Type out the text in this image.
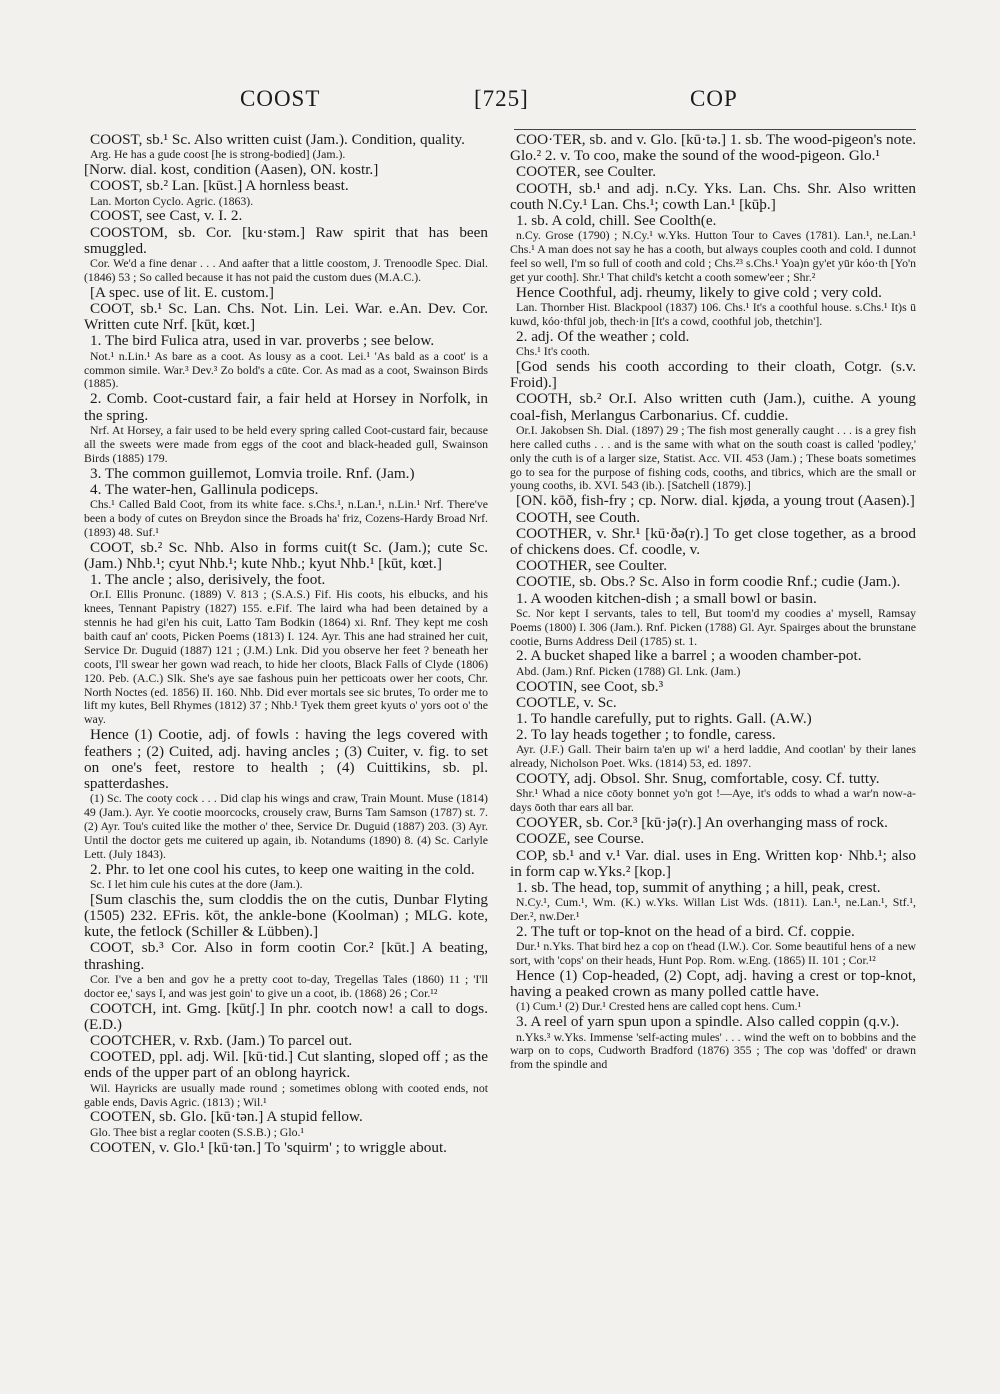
COOST	[725]	COP

COOST, sb.¹ Sc. Also written cuist (Jam.). Condition, quality.

Arg. He has a gude coost [he is strong-bodied] (Jam.).

[Norw. dial. kost, condition (Aasen), ON. kostr.]

COOST, sb.² Lan. [kūst.] A hornless beast.

Lan. Morton Cyclo. Agric. (1863).

COOST, see Cast, v. I. 2.

COOSTOM, sb. Cor. [ku·stəm.] Raw spirit that has been smuggled.

Cor. We'd a fine denar . . . And aafter that a little coostom, J. Trenoodle Spec. Dial. (1846) 53 ; So called because it has not paid the custom dues (M.A.C.).

[A spec. use of lit. E. custom.]

COOT, sb.¹ Sc. Lan. Chs. Not. Lin. Lei. War. e.An. Dev. Cor. Written cute Nrf. [kūt, kœt.]

1. The bird Fulica atra, used in var. proverbs ; see below.

Not.¹ n.Lin.¹ As bare as a coot. As lousy as a coot. Lei.¹ 'As bald as a coot' is a common simile. War.³ Dev.³ Zo bold's a cūte. Cor. As mad as a coot, Swainson Birds (1885).

2. Comb. Coot-custard fair, a fair held at Horsey in Norfolk, in the spring.

Nrf. At Horsey, a fair used to be held every spring called Coot-custard fair, because all the sweets were made from eggs of the coot and black-headed gull, Swainson Birds (1885) 179.

3. The common guillemot, Lomvia troile. Rnf. (Jam.)

4. The water-hen, Gallinula podiceps.

Chs.¹ Called Bald Coot, from its white face. s.Chs.¹, n.Lan.¹, n.Lin.¹ Nrf. There've been a body of cutes on Breydon since the Broads ha' friz, Cozens-Hardy Broad Nrf. (1893) 48. Suf.¹

COOT, sb.² Sc. Nhb. Also in forms cuit(t Sc. (Jam.); cute Sc. (Jam.) Nhb.¹; cyut Nhb.¹; kute Nhb.; kyut Nhb.¹ [kūt, kœt.]

1. The ancle ; also, derisively, the foot.

Or.I. Ellis Pronunc. (1889) V. 813 ; (S.A.S.) Fif. His coots, his elbucks, and his knees, Tennant Papistry (1827) 155. e.Fif. The laird wha had been detained by a stennis he had gi'en his cuit, Latto Tam Bodkin (1864) xi. Rnf. They kept me cosh baith cauf an' coots, Picken Poems (1813) I. 124. Ayr. This ane had strained her cuit, Service Dr. Duguid (1887) 121 ; (J.M.) Lnk. Did you observe her feet ? beneath her coots, I'll swear her gown wad reach, to hide her cloots, Black Falls of Clyde (1806) 120. Peb. (A.C.) Slk. She's aye sae fashous puin her petticoats ower her coots, Chr. North Noctes (ed. 1856) II. 160. Nhb. Did ever mortals see sic brutes, To order me to lift my kutes, Bell Rhymes (1812) 37 ; Nhb.¹ Tyek them greet kyuts o' yors oot o' the way.

Hence (1) Cootie, adj. of fowls : having the legs covered with feathers ; (2) Cuited, adj. having ancles ; (3) Cuiter, v. fig. to set on one's feet, restore to health ; (4) Cuittikins, sb. pl. spatterdashes.

(1) Sc. The cooty cock . . . Did clap his wings and craw, Train Mount. Muse (1814) 49 (Jam.). Ayr. Ye cootie moorcocks, crousely craw, Burns Tam Samson (1787) st. 7. (2) Ayr. Tou's cuited like the mother o' thee, Service Dr. Duguid (1887) 203. (3) Ayr. Until the doctor gets me cuitered up again, ib. Notandums (1890) 8. (4) Sc. Carlyle Lett. (July 1843).

2. Phr. to let one cool his cutes, to keep one waiting in the cold.

Sc. I let him cule his cutes at the dore (Jam.).

[Sum claschis the, sum cloddis the on the cutis, Dunbar Flyting (1505) 232. EFris. kōt, the ankle-bone (Koolman) ; MLG. kote, kute, the fetlock (Schiller & Lübben).]

COOT, sb.³ Cor. Also in form cootin Cor.² [kūt.] A beating, thrashing.

Cor. I've a ben and gov he a pretty coot to-day, Tregellas Tales (1860) 11 ; 'I'll doctor ee,' says I, and was jest goin' to give un a coot, ib. (1868) 26 ; Cor.¹²

COOTCH, int. Gmg. [kūtʃ.] In phr. cootch now! a call to dogs. (E.D.)

COOTCHER, v. Rxb. (Jam.) To parcel out.

COOTED, ppl. adj. Wil. [kū·tid.] Cut slanting, sloped off ; as the ends of the upper part of an oblong hayrick.

Wil. Hayricks are usually made round ; sometimes oblong with cooted ends, not gable ends, Davis Agric. (1813) ; Wil.¹

COOTEN, sb. Glo. [kū·tən.] A stupid fellow.

Glo. Thee bist a reglar cooten (S.S.B.) ; Glo.¹

COOTEN, v. Glo.¹ [kū·tən.] To 'squirm' ; to wriggle about.

COO·TER, sb. and v. Glo. [kū·tə.] 1. sb. The wood-pigeon's note. Glo.² 2. v. To coo, make the sound of the wood-pigeon. Glo.¹

COOTER, see Coulter.

COOTH, sb.¹ and adj. n.Cy. Yks. Lan. Chs. Shr. Also written couth N.Cy.¹ Lan. Chs.¹; cowth Lan.¹ [kūþ.]

1. sb. A cold, chill. See Coolth(e.

n.Cy. Grose (1790) ; N.Cy.¹ w.Yks. Hutton Tour to Caves (1781). Lan.¹, ne.Lan.¹ Chs.¹ A man does not say he has a cooth, but always couples cooth and cold. I dunnot feel so well, I'm so full of cooth and cold ; Chs.²³ s.Chs.¹ Yoa)n gy'et yūr kóo·th [Yo'n get yur cooth]. Shr.¹ That child's ketcht a cooth somew'eer ; Shr.²

Hence Coothful, adj. rheumy, likely to give cold ; very cold.

Lan. Thornber Hist. Blackpool (1837) 106. Chs.¹ It's a coothful house. s.Chs.¹ It)s ū kuwd, kóo·thfūl job, thech·in [It's a cowd, coothful job, thetchin'].

2. adj. Of the weather ; cold.

Chs.¹ It's cooth.

[God sends his cooth according to their cloath, Cotgr. (s.v. Froid).]

COOTH, sb.² Or.I. Also written cuth (Jam.), cuithe. A young coal-fish, Merlangus Carbonarius. Cf. cuddie.

Or.I. Jakobsen Sh. Dial. (1897) 29 ; The fish most generally caught . . . is a grey fish here called cuths . . . and is the same with what on the south coast is called 'podley,' only the cuth is of a larger size, Statist. Acc. VII. 453 (Jam.) ; These boats sometimes go to sea for the purpose of fishing cods, cooths, and tibrics, which are the small or young cooths, ib. XVI. 543 (ib.). [Satchell (1879).]

[ON. kōð, fish-fry ; cp. Norw. dial. kjøda, a young trout (Aasen).]

COOTH, see Couth.

COOTHER, v. Shr.¹ [kū·ðə(r).] To get close together, as a brood of chickens does. Cf. coodle, v.

COOTHER, see Coulter.

COOTIE, sb. Obs.? Sc. Also in form coodie Rnf.; cudie (Jam.).

1. A wooden kitchen-dish ; a small bowl or basin.

Sc. Nor kept I servants, tales to tell, But toom'd my coodies a' mysell, Ramsay Poems (1800) I. 306 (Jam.). Rnf. Picken (1788) Gl. Ayr. Spairges about the brunstane cootie, Burns Address Deil (1785) st. 1.

2. A bucket shaped like a barrel ; a wooden chamber-pot.

Abd. (Jam.) Rnf. Picken (1788) Gl. Lnk. (Jam.)

COOTIN, see Coot, sb.³

COOTLE, v. Sc.

1. To handle carefully, put to rights. Gall. (A.W.)

2. To lay heads together ; to fondle, caress.

Ayr. (J.F.) Gall. Their bairn ta'en up wi' a herd laddie, And cootlan' by their lanes already, Nicholson Poet. Wks. (1814) 53, ed. 1897.

COOTY, adj. Obsol. Shr. Snug, comfortable, cosy. Cf. tutty.

Shr.¹ Whad a nice cōoty bonnet yo'n got !—Aye, it's odds to whad a war'n now-a-days ōoth thar ears all bar.

COOYER, sb. Cor.³ [kū·jə(r).] An overhanging mass of rock.

COOZE, see Course.

COP, sb.¹ and v.¹ Var. dial. uses in Eng. Written kop· Nhb.¹; also in form cap w.Yks.² [kop.]

1. sb. The head, top, summit of anything ; a hill, peak, crest.

N.Cy.¹, Cum.¹, Wm. (K.) w.Yks. Willan List Wds. (1811). Lan.¹, ne.Lan.¹, Stf.¹, Der.², nw.Der.¹

2. The tuft or top-knot on the head of a bird. Cf. coppie.

Dur.¹ n.Yks. That bird hez a cop on t'head (I.W.). Cor. Some beautiful hens of a new sort, with 'cops' on their heads, Hunt Pop. Rom. w.Eng. (1865) II. 101 ; Cor.¹²

Hence (1) Cop-headed, (2) Copt, adj. having a crest or top-knot, having a peaked crown as many polled cattle have.

(1) Cum.¹ (2) Dur.¹ Crested hens are called copt hens. Cum.¹

3. A reel of yarn spun upon a spindle. Also called coppin (q.v.).

n.Yks.³ w.Yks. Immense 'self-acting mules' . . . wind the weft on to bobbins and the warp on to cops, Cudworth Bradford (1876) 355 ; The cop was 'doffed' or drawn from the spindle and
